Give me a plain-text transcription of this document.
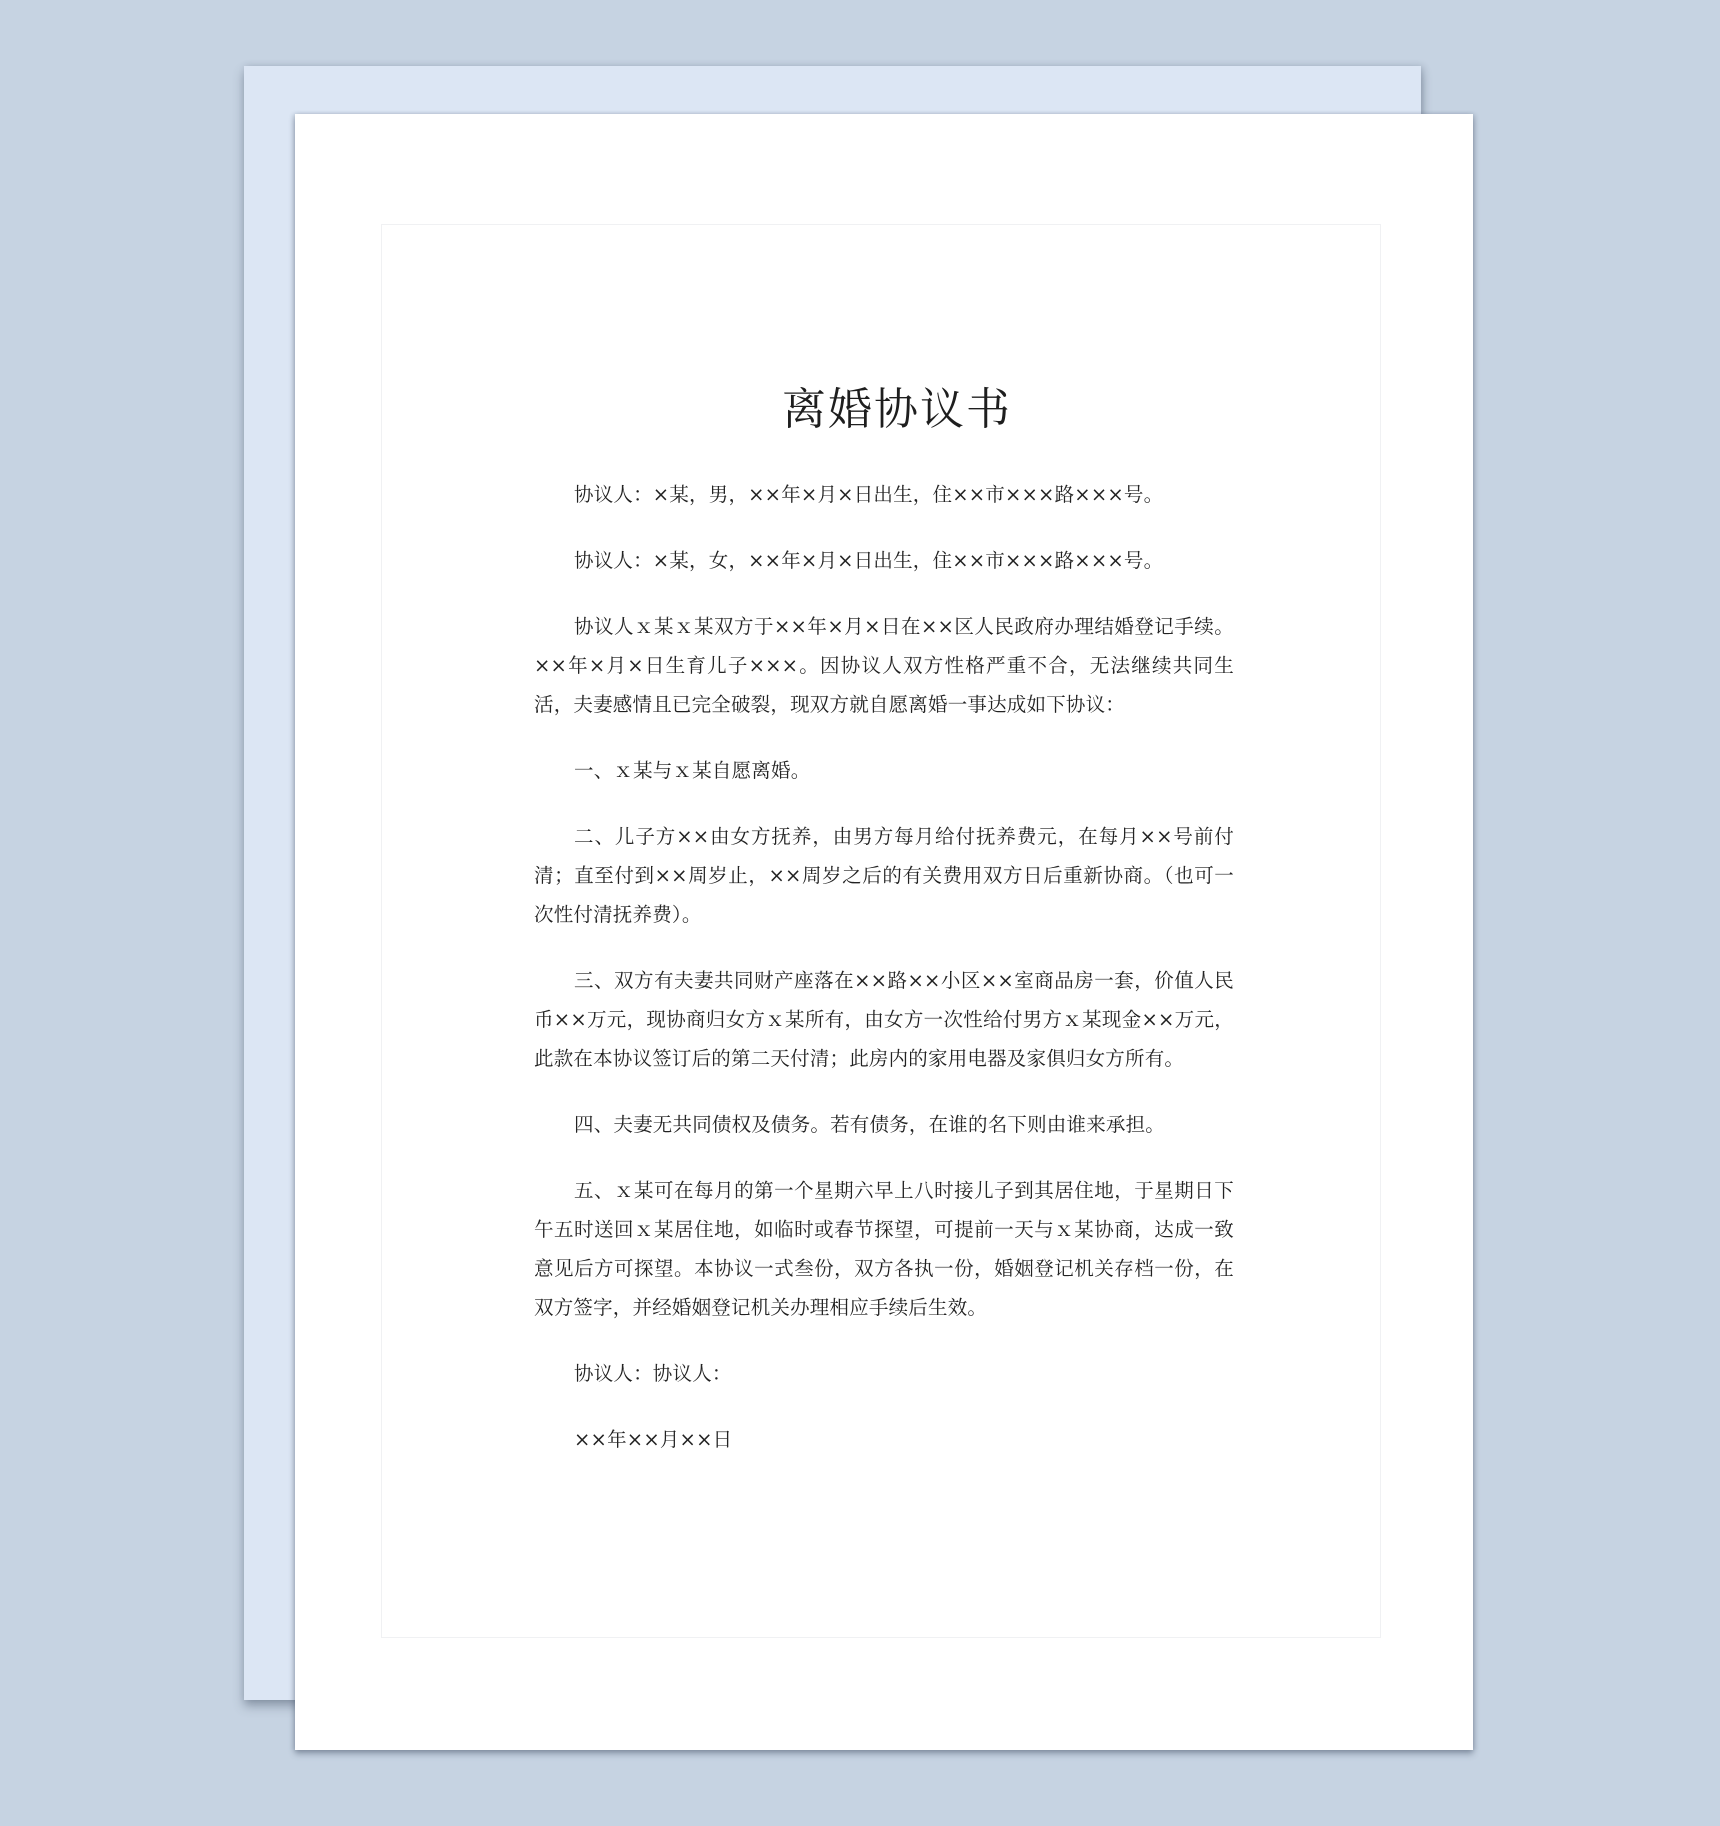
离婚协议书

协议人：×某，男，××年×月×日出生，住××市×××路×××号。

协议人：×某，女，××年×月×日出生，住××市×××路×××号。

协议人ｘ某ｘ某双方于××年×月×日在××区人民政府办理结婚登记手续。××年×月×日生育儿子×××。因协议人双方性格严重不合，无法继续共同生活，夫妻感情且已完全破裂，现双方就自愿离婚一事达成如下协议：

一、ｘ某与ｘ某自愿离婚。

二、儿子方××由女方抚养，由男方每月给付抚养费元，在每月××号前付清；直至付到××周岁止，××周岁之后的有关费用双方日后重新协商。（也可一次性付清抚养费）。

三、双方有夫妻共同财产座落在××路××小区××室商品房一套，价值人民币××万元，现协商归女方ｘ某所有，由女方一次性给付男方ｘ某现金××万元，此款在本协议签订后的第二天付清；此房内的家用电器及家俱归女方所有。

四、夫妻无共同债权及债务。若有债务，在谁的名下则由谁来承担。

五、ｘ某可在每月的第一个星期六早上八时接儿子到其居住地，于星期日下午五时送回ｘ某居住地，如临时或春节探望，可提前一天与ｘ某协商，达成一致意见后方可探望。本协议一式叁份，双方各执一份，婚姻登记机关存档一份，在双方签字，并经婚姻登记机关办理相应手续后生效。

协议人：协议人：

××年××月××日
